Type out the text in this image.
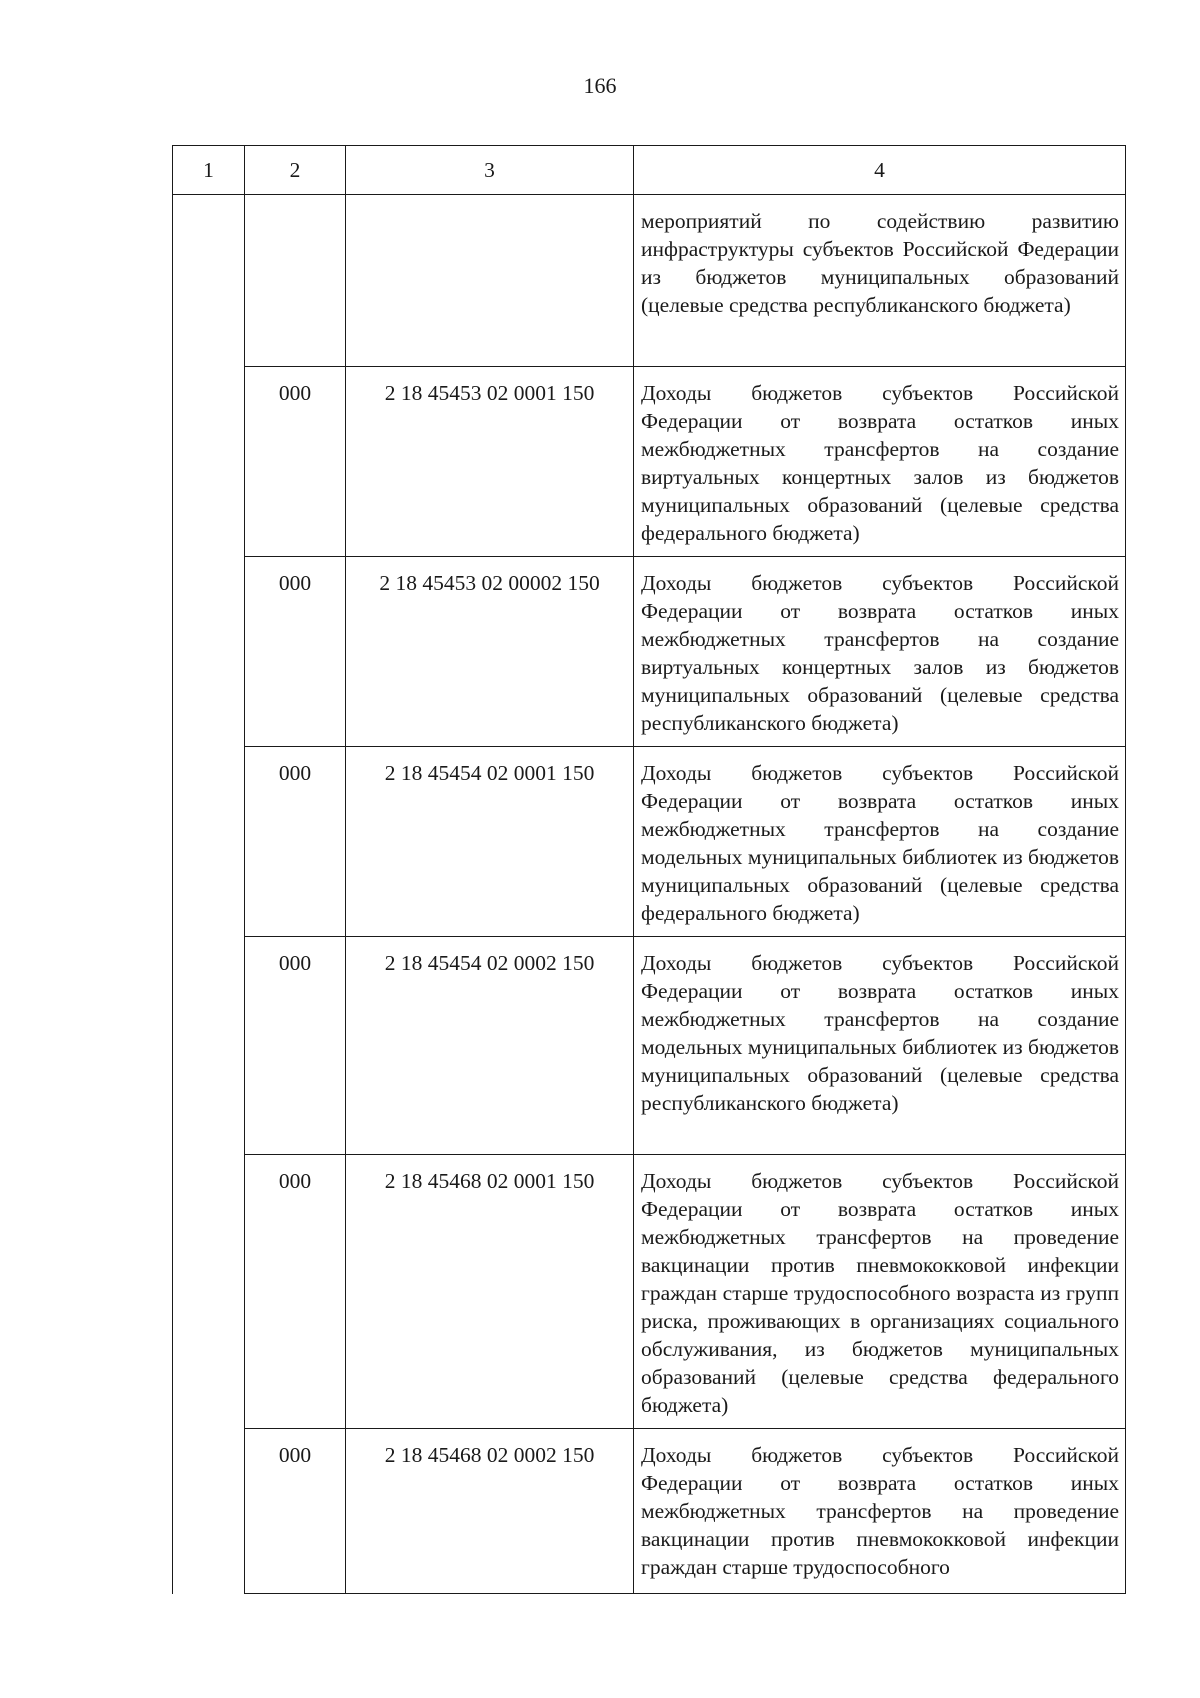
166
1	2	3	4

			мероприятий по содействию развитию инфраструктуры субъектов Российской Федерации из бюджетов муниципальных образований (целевые средства республиканского бюджета)

	000	2 18 45453 02 0001 150	Доходы бюджетов субъектов Российской Федерации от возврата остатков иных межбюджетных трансфертов на создание виртуальных концертных залов из бюджетов муниципальных образований (целевые средства федерального бюджета)

	000	2 18 45453 02 00002 150	Доходы бюджетов субъектов Российской Федерации от возврата остатков иных межбюджетных трансфертов на создание виртуальных концертных залов из бюджетов муниципальных образований (целевые средства республиканского бюджета)

	000	2 18 45454 02 0001 150	Доходы бюджетов субъектов Российской Федерации от возврата остатков иных межбюджетных трансфертов на создание модельных муниципальных библиотек из бюджетов муниципальных образований (целевые средства федерального бюджета)

	000	2 18 45454 02 0002 150	Доходы бюджетов субъектов Российской Федерации от возврата остатков иных межбюджетных трансфертов на создание модельных муниципальных библиотек из бюджетов муниципальных образований (целевые средства республиканского бюджета)

	000	2 18 45468 02 0001 150	Доходы бюджетов субъектов Российской Федерации от возврата остатков иных межбюджетных трансфертов на проведение вакцинации против пневмококковой инфекции граждан старше трудоспособного возраста из групп риска, проживающих в организациях социального обслуживания, из бюджетов муниципальных образований (целевые средства федерального бюджета)

	000	2 18 45468 02 0002 150	Доходы бюджетов субъектов Российской Федерации от возврата остатков иных межбюджетных трансфертов на проведение вакцинации против пневмококковой инфекции граждан старше трудоспособного
